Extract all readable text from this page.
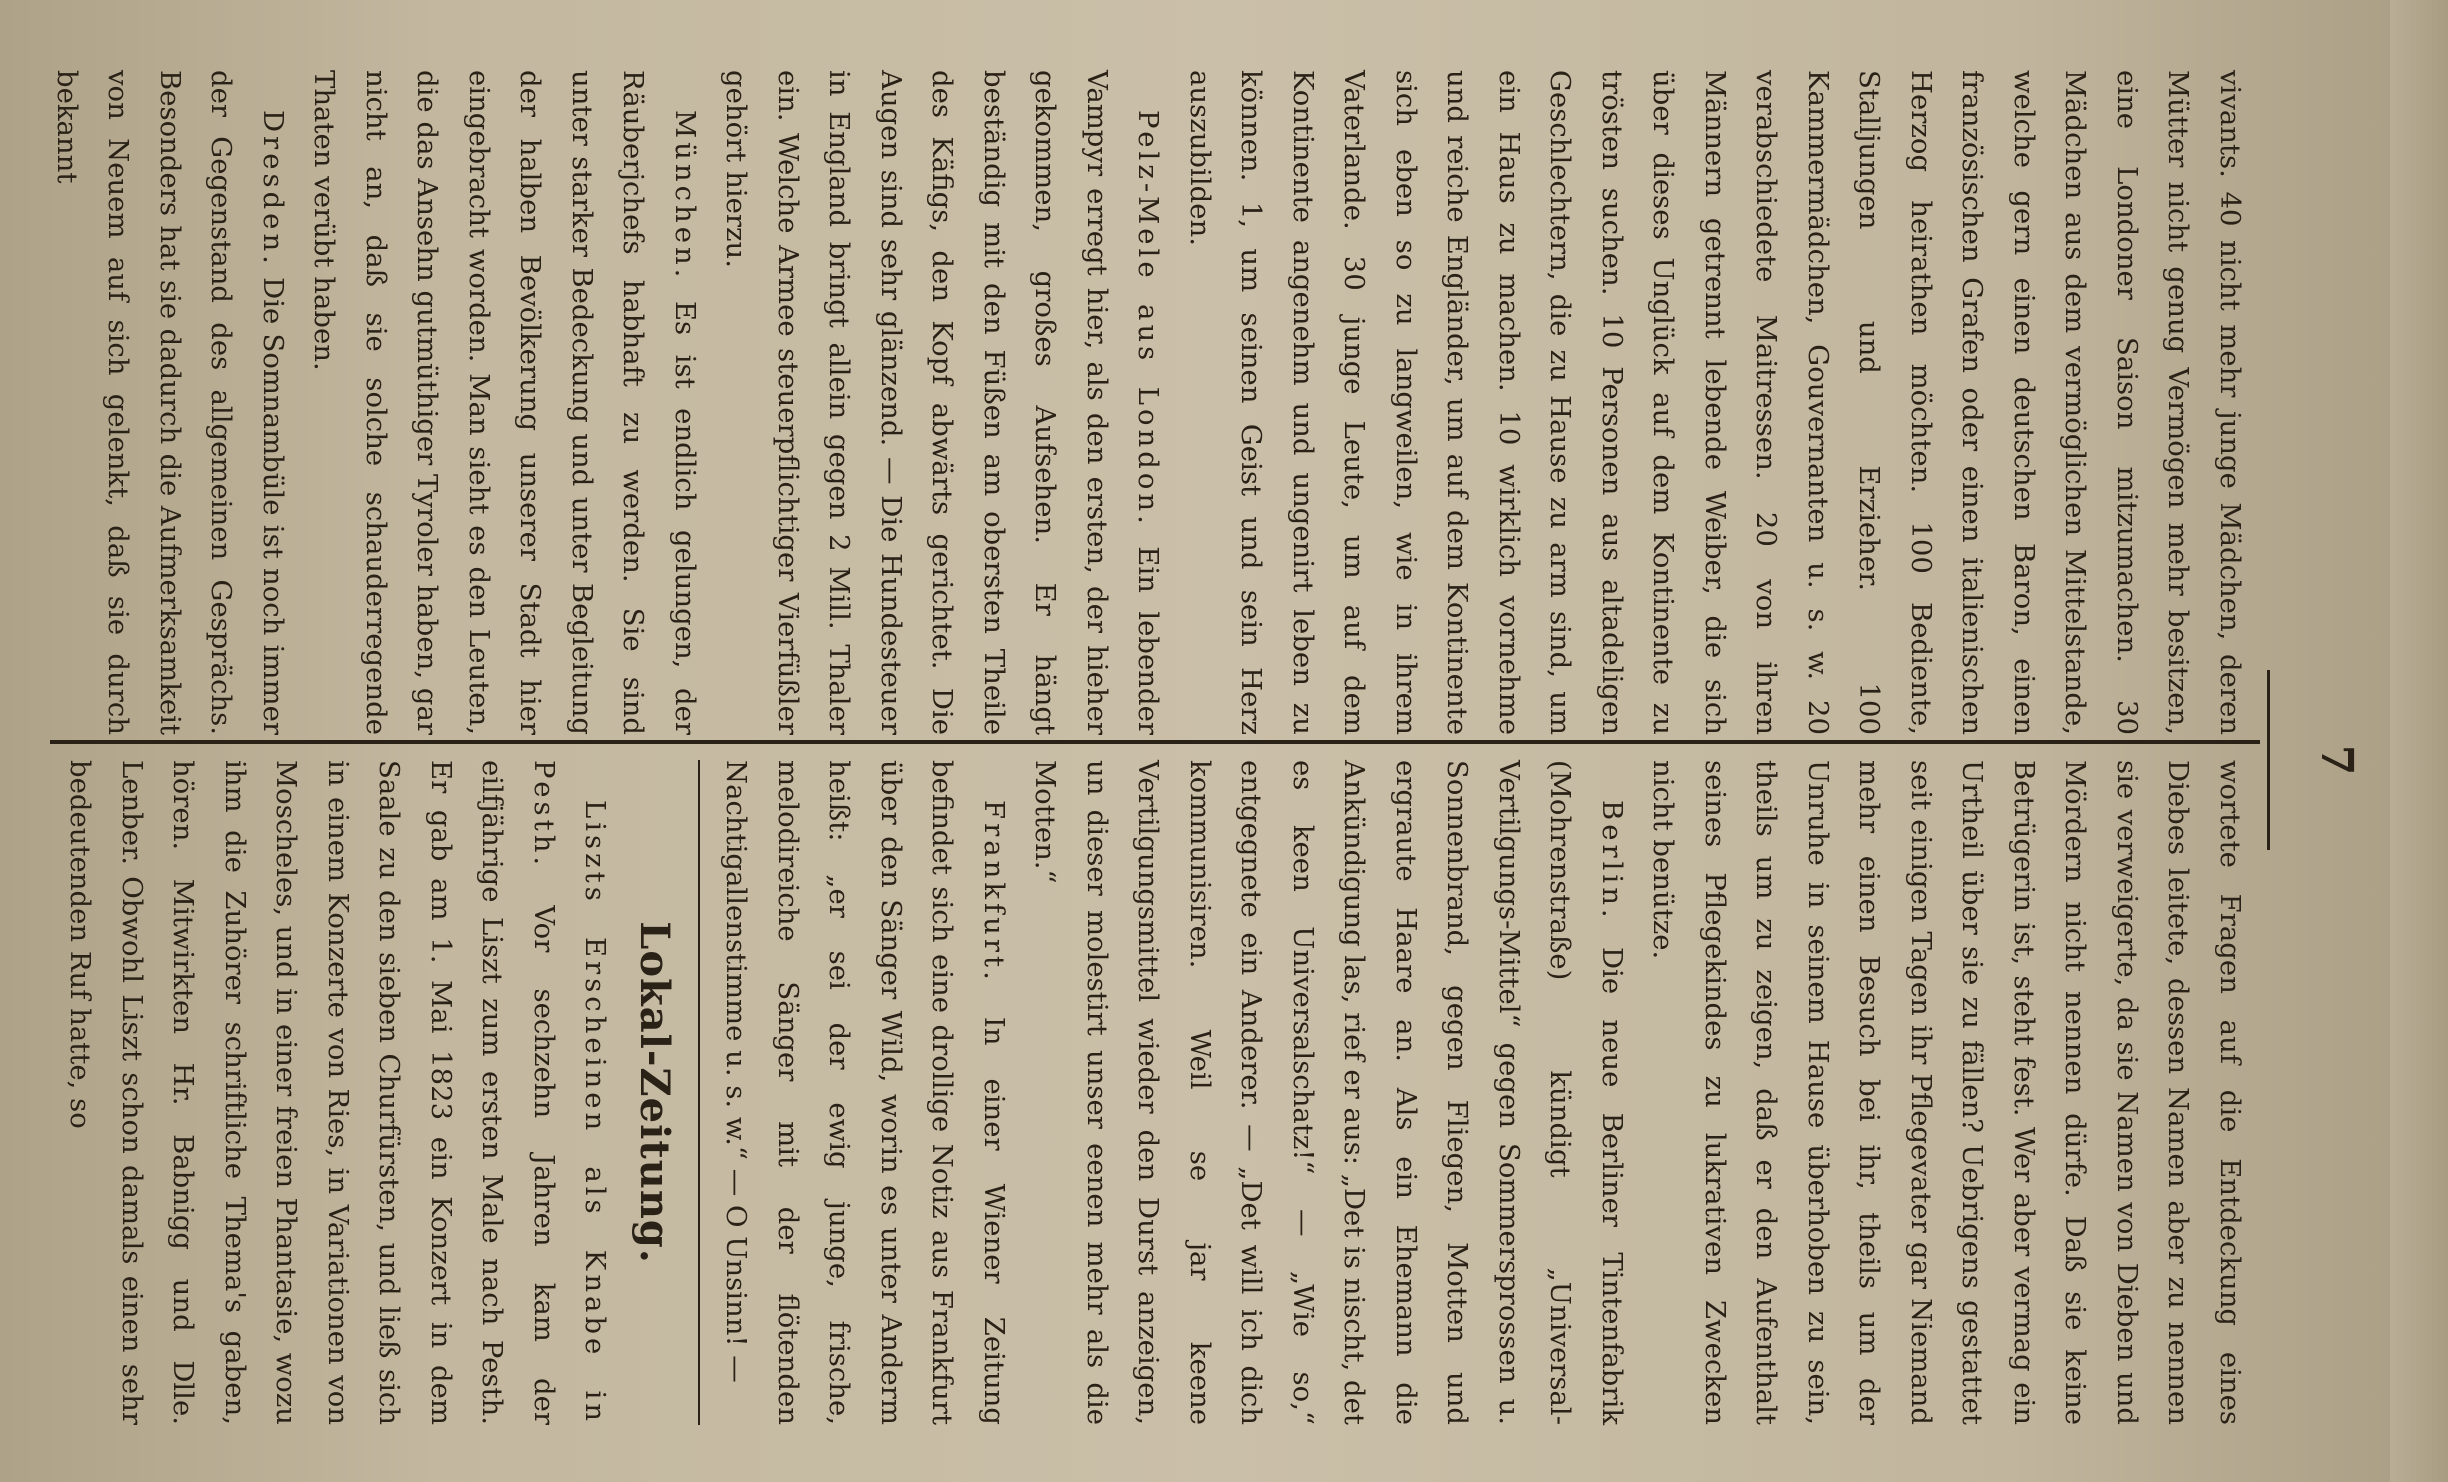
7

vivants. 40 nicht mehr junge Mädchen, deren Mütter nicht genug Vermögen mehr besitzen, eine Londoner Saison mitzumachen. 30 Mädchen aus dem vermöglichen Mittelstande, welche gern einen deutschen Baron, einen französischen Grafen oder einen italienischen Herzog heirathen möchten. 100 Bediente, Stalljungen und Erzieher. 100 Kammermädchen, Gouvernanten u. s. w. 20 verabschiedete Maitressen. 20 von ihren Männern getrennt lebende Weiber, die sich über dieses Unglück auf dem Kontinente zu trösten suchen. 10 Personen aus altadeligen Geschlechtern, die zu Hause zu arm sind, um ein Haus zu machen. 10 wirklich vornehme und reiche Engländer, um auf dem Kontinente sich eben so zu langweilen, wie in ihrem Vaterlande. 30 junge Leute, um auf dem Kontinente angenehm und ungenirt leben zu können. 1, um seinen Geist und sein Herz auszubilden.

Pelz-Mele aus London. Ein lebender Vampyr erregt hier, als den ersten, der hieher gekommen, großes Aufsehen. Er hängt beständig mit den Füßen am obersten Theile des Käfigs, den Kopf abwärts gerichtet. Die Augen sind sehr glänzend. — Die Hundesteuer in England bringt allein gegen 2 Mill. Thaler ein. Welche Armee steuerpflichtiger Vierfüßler gehört hierzu.

München. Es ist endlich gelungen, der Räuberjchefs habhaft zu werden. Sie sind unter starker Bedeckung und unter Begleitung der halben Bevölkerung unserer Stadt hier eingebracht worden. Man sieht es den Leuten, die das Ansehn gutmüthiger Tyroler haben, gar nicht an, daß sie solche schauderregende Thaten verübt haben.

Dresden. Die Somnambüle ist noch immer der Gegenstand des allgemeinen Gesprächs. Besonders hat sie dadurch die Aufmerksamkeit von Neuem auf sich gelenkt, daß sie durch bekannt

wortete Fragen auf die Entdeckung eines Diebes leitete, dessen Namen aber zu nennen sie verweigerte, da sie Namen von Dieben und Mördern nicht nennen dürfe. Daß sie keine Betrügerin ist, steht fest. Wer aber vermag ein Urtheil über sie zu fällen? Uebrigens gestattet seit einigen Tagen ihr Pflegevater gar Niemand mehr einen Besuch bei ihr, theils um der Unruhe in seinem Hause überhoben zu sein, theils um zu zeigen, daß er den Aufenthalt seines Pflegekindes zu lukrativen Zwecken nicht benütze.

Berlin. Die neue Berliner Tintenfabrik (Mohrenstraße) kündigt „Universal-Vertilgungs-Mittel“ gegen Sommersprossen u. Sonnenbrand, gegen Fliegen, Motten und ergraute Haare an. Als ein Ehemann die Ankündigung las, rief er aus: „Det is nischt, det es keen Universalschatz!“ — „Wie so,“ entgegnete ein Anderer. — „Det will ich dich kommunisiren. Weil se jar keene Vertilgungsmittel wieder den Durst anzeigen, un dieser molestirt unser eenen mehr als die Motten.“

Frankfurt. In einer Wiener Zeitung befindet sich eine drollige Notiz aus Frankfurt über den Sänger Wild, worin es unter Anderm heißt: „er sei der ewig junge, frische, melodireiche Sänger mit der flötenden Nachtigallenstimme u. s. w.“ — O Unsinn! —

Lokal-Zeitung.

Liszts Erscheinen als Knabe in Pesth. Vor sechzehn Jahren kam der eilfjährige Liszt zum ersten Male nach Pesth. Er gab am 1. Mai 1823 ein Konzert in dem Saale zu den sieben Churfürsten, und ließ sich in einem Konzerte von Ries, in Variationen von Moscheles, und in einer freien Phantasie, wozu ihm die Zuhörer schriftliche Thema's gaben, hören. Mitwirkten Hr. Babnigg und Dlle. Lenber. Obwohl Liszt schon damals einen sehr bedeutenden Ruf hatte, so
